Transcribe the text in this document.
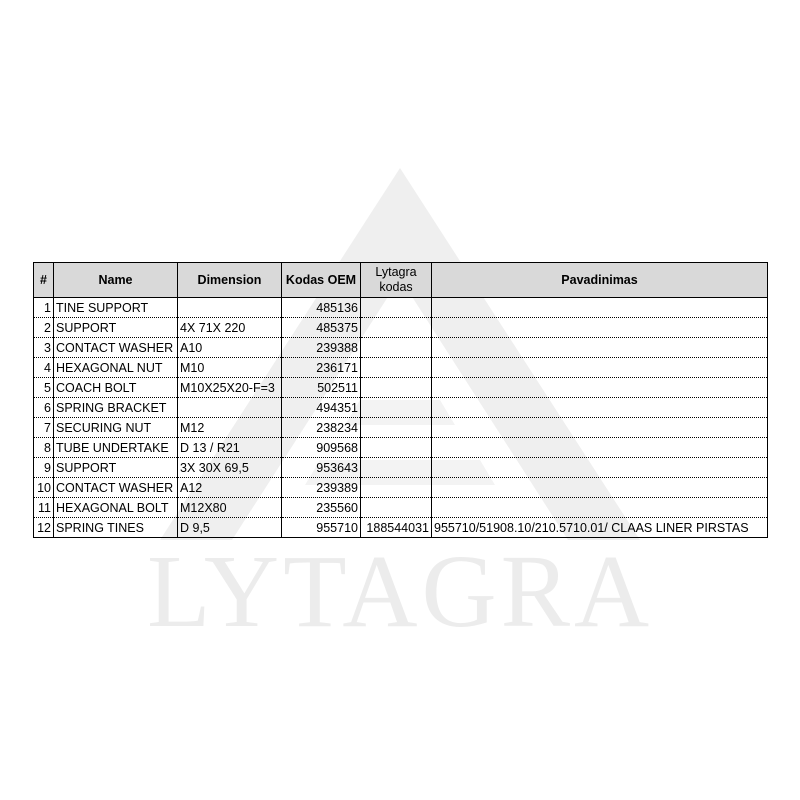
LYTAGRA
#	Name	Dimension	Kodas OEM	Lytagra
kodas	Pavadinimas
1	TINE SUPPORT		485136		
2	SUPPORT	4X 71X 220	485375		
3	CONTACT WASHER	A10	239388		
4	HEXAGONAL NUT	M10	236171		
5	COACH BOLT	M10X25X20-F=3	502511		
6	SPRING BRACKET		494351		
7	SECURING NUT	M12	238234		
8	TUBE UNDERTAKE	D 13 / R21	909568		
9	SUPPORT	3X 30X 69,5	953643		
10	CONTACT WASHER	A12	239389		
11	HEXAGONAL BOLT	M12X80	235560		
12	SPRING TINES	D 9,5	955710	188544031	955710/51908.10/210.5710.01/ CLAAS LINER PIRSTAS
